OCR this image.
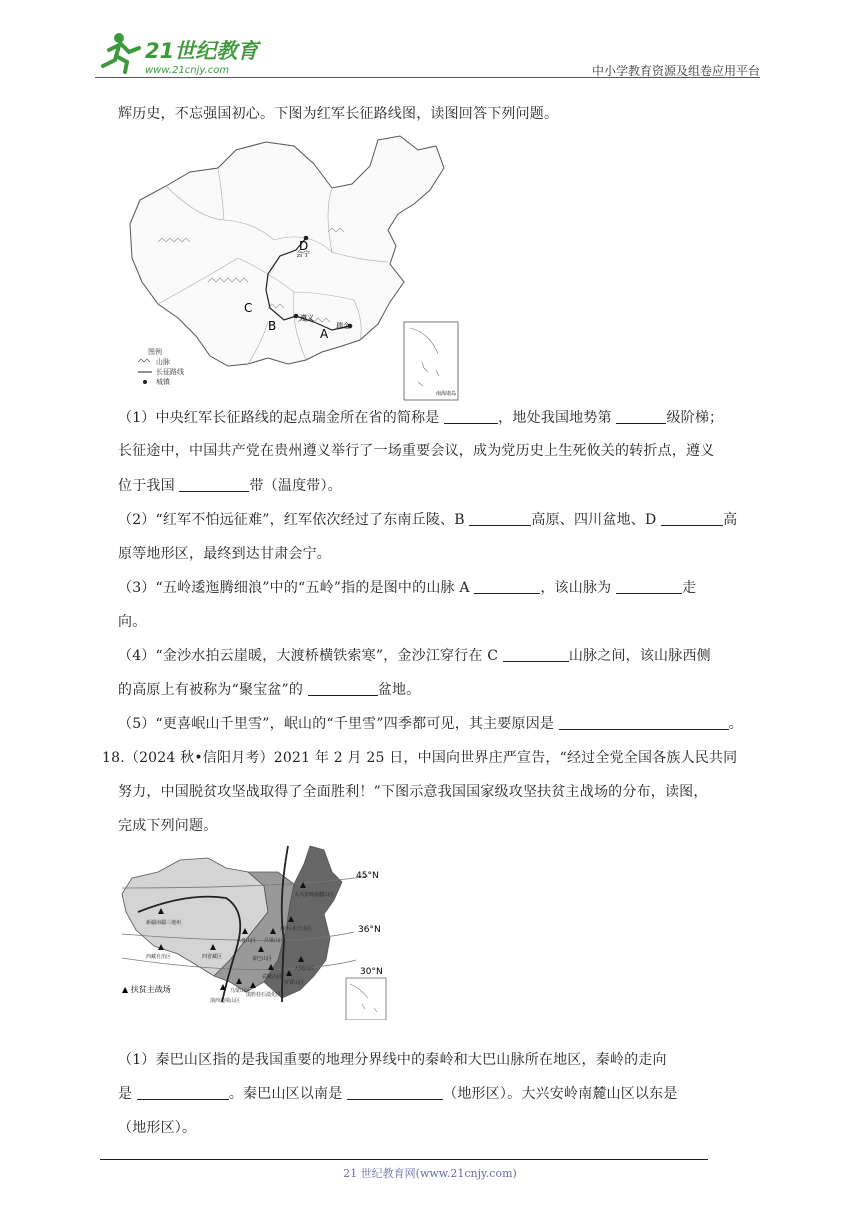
21世纪教育
www.21cnjy.com	中小学教育资源及组卷应用平台
辉历史，不忘强国初心。下图为红军长征路线图，读图回答下列问题。
D
C
B
A
遵义
瑞金
会宁
图例
山脉
长征路线
城镇
南海诸岛
（1）中央红军长征路线的起点瑞金所在省的简称是	，地处我国地势第	级阶梯；
长征途中，中国共产党在贵州遵义举行了一场重要会议，成为党历史上生死攸关的转折点，遵义
位于我国	带（温度带）。
（2）“红军不怕远征难”，红军依次经过了东南丘陵、B	高原、四川盆地、D	高
原等地形区，最终到达甘肃会宁。
（3）“五岭逶迤腾细浪”中的“五岭”指的是图中的山脉 A	，该山脉为	走
向。
（4）“金沙水拍云崖暖，大渡桥横铁索寒”，金沙江穿行在 C	山脉之间，该山脉西侧
的高原上有被称为“聚宝盆”的	盆地。
（5）“更喜岷山千里雪”，岷山的“千里雪”四季都可见，其主要原因是	。
18.（2024 秋•信阳月考）2021 年 2 月 25 日，中国向世界庄严宣告，“经过全党全国各族人民共同
努力，中国脱贫攻坚战取得了全面胜利！”下图示意我国国家级攻坚扶贫主战场的分布，读图，
完成下列问题。
45°N
36°N
30°N
新疆南疆三地州
西藏自治区	四省藏区
六盘山区 吕梁山区
秦巴山区
大兴安岭南麓山区
燕山-太行山区
大别山区
武陵山区
罗霄山区
乌蒙山区
滇黔桂石漠化区
滇西边境山区
▲ 扶贫主战场
（1）秦巴山区指的是我国重要的地理分界线中的秦岭和大巴山脉所在地区，秦岭的走向
是	。秦巴山区以南是	（地形区）。大兴安岭南麓山区以东是
（地形区）。
21 世纪教育网(www.21cnjy.com)
